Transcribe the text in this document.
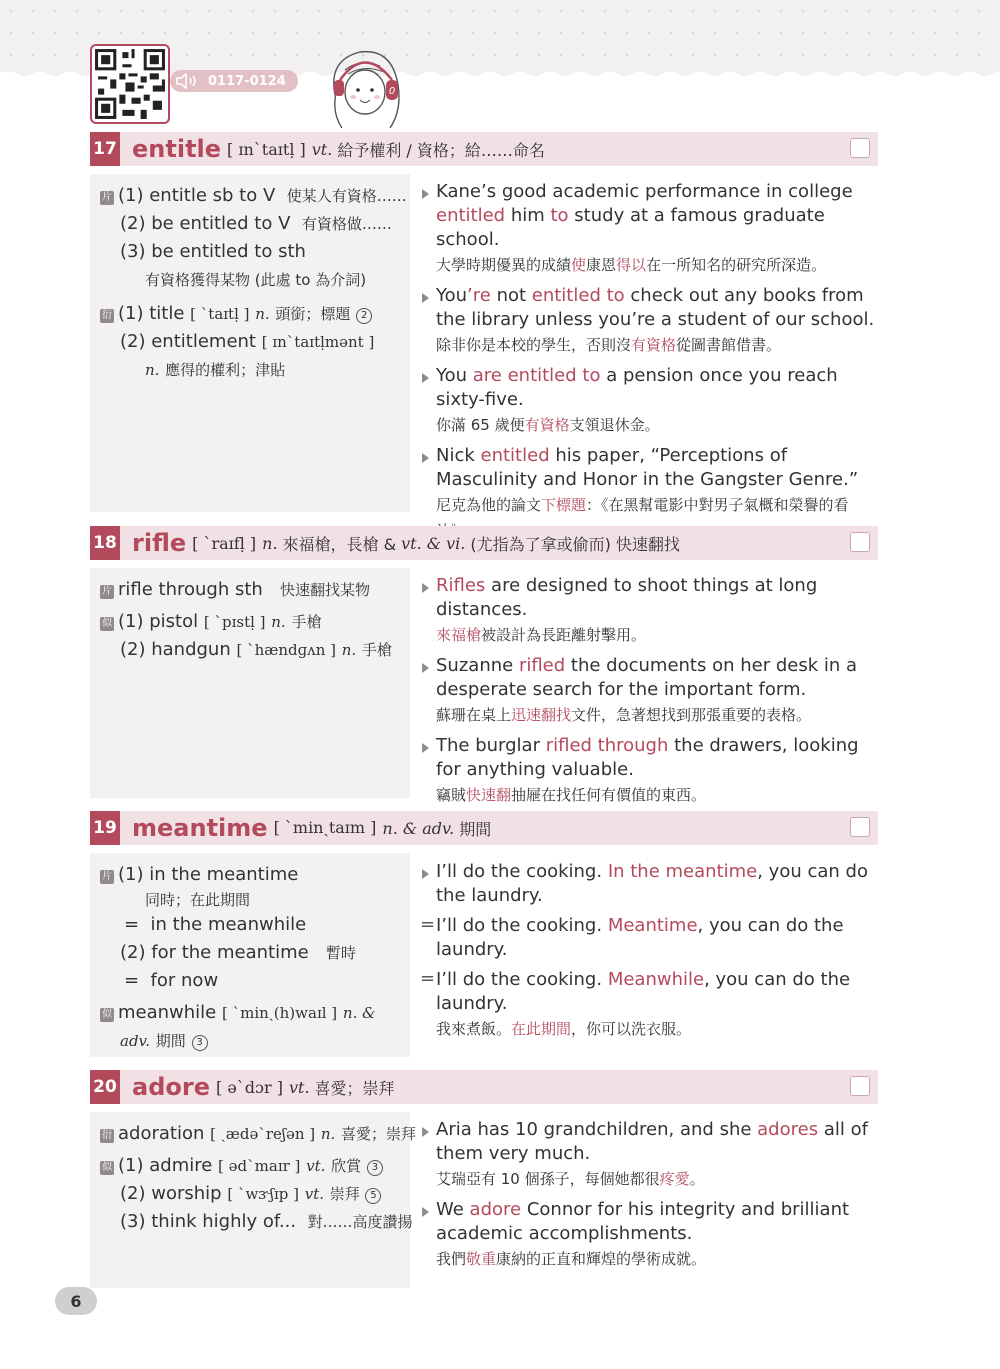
0117-0124
0
17 entitle [ ɪnˋtaɪtḷ ] vt. 給予權利 / 資格；給……命名
片 (1) entitle sb to V 使某人有資格……
(2) be entitled to V 有資格做……
(3) be entitled to sth
有資格獲得某物 (此處 to 為介詞)
衍 (1) title [ ˋtaɪtḷ ] n. 頭銜；標題 2
(2) entitlement [ ɪnˋtaɪtḷmənt ]
n. 應得的權利；津貼
Kane’s good academic performance in college
entitled him to study at a famous graduate school.
大學時期優異的成績使康恩得以在一所知名的研究所深造。
You’re not entitled to check out any books from the library unless you’re a student of our school.
除非你是本校的學生，否則沒有資格從圖書館借書。
You are entitled to a pension once you reach sixty-five.
你滿 65 歲便有資格支領退休金。
Nick entitled his paper, “Perceptions of Masculinity and Honor in the Gangster Genre.”
尼克為他的論文下標題：《在黑幫電影中對男子氣概和榮譽的看
18 rifle [ ˋraɪfḷ ] n. 來福槍，長槍 & vt. & vi. (尤指為了拿或偷而) 快速翻找
片 rifle through sth 快速翻找某物
似 (1) pistol [ ˋpɪstḷ ] n. 手槍
(2) handgun [ ˋhændɡʌn ] n. 手槍
Rifles are designed to shoot things at long distances.
來福槍被設計為長距離射擊用。
Suzanne rifled the documents on her desk in a desperate search for the important form.
蘇珊在桌上迅速翻找文件，急著想找到那張重要的表格。
The burglar rifled through the drawers, looking for anything valuable.
竊賊快速翻抽屜在找任何有價值的東西。
19 meantime [ ˋminˏtaɪm ] n. & adv. 期間
片 (1) in the meantime
同時；在此期間
= in the meanwhile
(2) for the meantime 暫時
= for now
似 meanwhile [ ˋminˏ(h)waɪl ] n. &
adv. 期間 3
I’ll do the cooking. In the meantime, you can do the laundry.
= I’ll do the cooking. Meantime, you can do the laundry.
= I’ll do the cooking. Meanwhile, you can do the laundry.
我來煮飯。在此期間，你可以洗衣服。
20 adore [ əˋdɔr ] vt. 喜愛；崇拜
衍 adoration [ ˏædəˋreʃən ] n. 喜愛；崇拜
似 (1) admire [ ədˋmaɪr ] vt. 欣賞 3
(2) worship [ ˋwɝʃɪp ] vt. 崇拜 5
(3) think highly of... 對……高度讚揚
Aria has 10 grandchildren, and she adores all of them very much.
艾瑞亞有 10 個孫子，每個她都很疼愛。
We adore Connor for his integrity and brilliant academic accomplishments.
我們敬重康納的正直和輝煌的學術成就。
6
